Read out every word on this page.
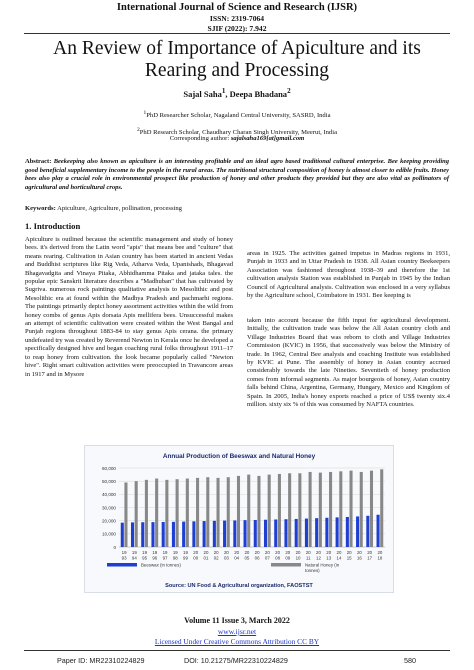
International Journal of Science and Research (IJSR)
ISSN: 2319-7064
SJIF (2022): 7.942
An Review of Importance of Apiculture and its
Rearing and Processing
Sajal Saha$^1$, Deepa Bhadana$^2$
$^1$PhD Researcher Scholar, Nagaland Central University, SASRD, India
$^2$PhD Research Scholar, Chaudhary Charan Singh University, Meerut, India
Corresponding author: sajalsaha169[at]gmail.com
Abstract: Beekeeping also known as apiculture is an interesting profitable and an ideal agro based traditional cultural enterprise. Bee keeping providing good beneficial supplementary income to the people in the rural areas. The nutritional structural composition of honey is almost closer to edible fruits. Honey bees also play a crucial role in environmental prospect like production of honey and other products they provided but they are also vital as pollinators of agricultural and horticultural crops.
Keywords: Apiculture, Agriculture, pollination, processing
1. Introduction
Apiculture is outlined because the scientific management and study of honey bees. it's derived from the Latin word "apis" that means bee and "culture" that means rearing. Cultivation in Asian country has been started in ancient Vedas and Buddhist scriptures like Rig Veda, Atharva Veda, Upanishads, Bhagavad Bhagavadgita and Vinaya Pitaka, Abhidhamma Pitaka and jataka tales. the popular epic Sanskrit literature describes a "Madhuban" that has cultivated by Sugriva. numerous rock paintings qualitative analysis to Mesolithic and post Mesolithic era at found within the Madhya Pradesh and pachmarhi regions. The paintings primarily depict honey assortment activities within the wild from honey combs of genus Apis dorsata Apis mellifera bees. Unsuccessful makes an attempt of scientific cultivation were created within the West Bangal and Punjab regions throughout 1883-84 to stay genus Apis cerana. the primary undefeated try was created by Reverend Newton in Kerala once he developed a specifically designed hive and began coaching rural folks throughout 1911–17 to reap honey from cultivation. the look became popularly called "Newton hive". Right smart cultivation activities were preoccupied in Travancore areas in 1917 and in Mysore
areas in 1925. The activities gained impetus in Madras regions in 1931, Punjab in 1933 and in Uttar Pradesh in 1938. All Asian country Beekeepers Association was fashioned throughout 1938–39 and therefore the 1st cultivation analysis Station was established in Punjab in 1945 by the Indian Council of Agricultural analysis. Cultivation was enclosed in a very syllabus by the Agriculture school, Coimbatore in 1931. Bee keeping is
taken into account because the fifth input for agricultural development. Initially, the cultivation trade was below the All Asian country cloth and Village Industries Board that was reborn to cloth and Village Industries Commission (KVIC) in 1956, that successively was below the Ministry of trade. In 1962, Central Bee analysis and coaching Institute was established by KVIC at Pune. The assembly of honey in Asian country accrued considerably towards the late Nineties. Seventieth of honey production comes from informal segments. As major bourgeois of honey, Asian country falls behind China, Argentina, Germany, Hungary, Mexico and Kingdom of Spain. In 2005, India's honey exports reached a price of US$ twenty six.4 million. sixty six % of this was consumed by NAFTA countries.
Annual Production of Beeswax and Natural Honey
0
10,000
20,000
30,000
40,000
50,000
60,000
19
93
19
94
19
95
19
96
19
97
19
98
19
99
20
00
20
01
20
02
20
03
20
04
20
05
20
06
20
07
20
08
20
09
20
10
20
11
20
12
20
13
20
14
20
15
20
16
20
17
20
18
Beeswax (in tonnes)	Natural Honey (in
tonnes)
Source: UN Food & Agricultural organization, FAOSTST
Volume 11 Issue 3, March 2022
www.ijsr.net
Licensed Under Creative Commons Attribution CC BY
Paper ID: MR22310224829	DOI: 10.21275/MR22310224829	580
